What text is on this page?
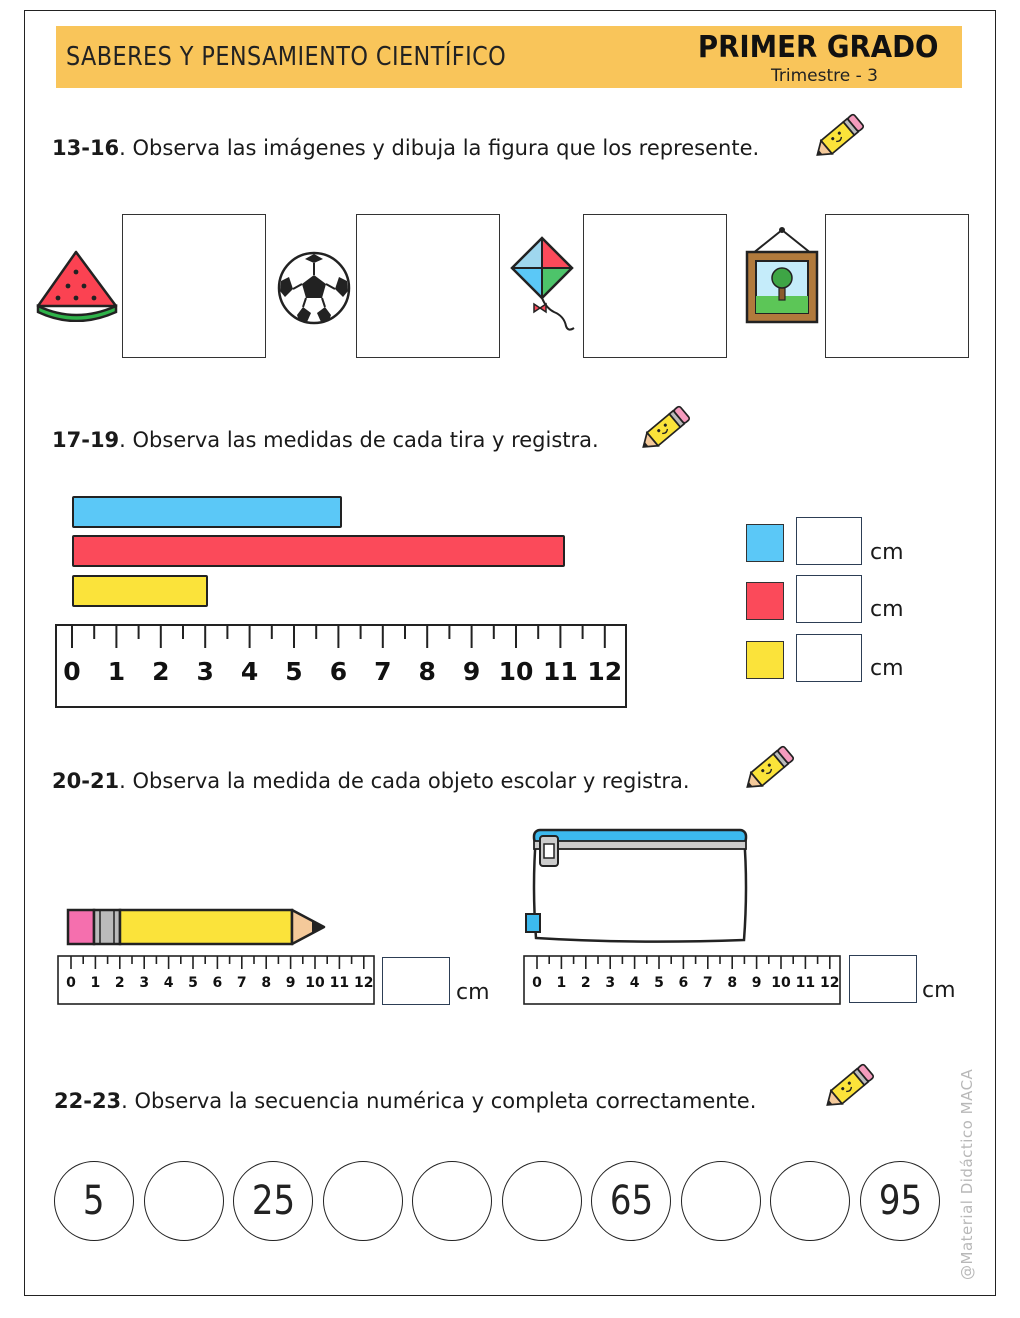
SABERES Y PENSAMIENTO CIENTÍFICO	PRIMER GRADO
Trimestre - 3
13-16. Observa las imágenes y dibuja la figura que los represente.
17-19. Observa las medidas de cada tira y registra.
0 1 2 3 4 5 6 7 8 9 10 11 12
cm
cm
cm
20-21. Observa la medida de cada objeto escolar y registra.
0 1 2 3 4 5 6 7 8 9 10 11 12	cm	0 1 2 3 4 5 6 7 8 9 10 11 12	cm
22-23. Observa la secuencia numérica y completa correctamente.
5	25	65	95 @Material Didáctico MACA
